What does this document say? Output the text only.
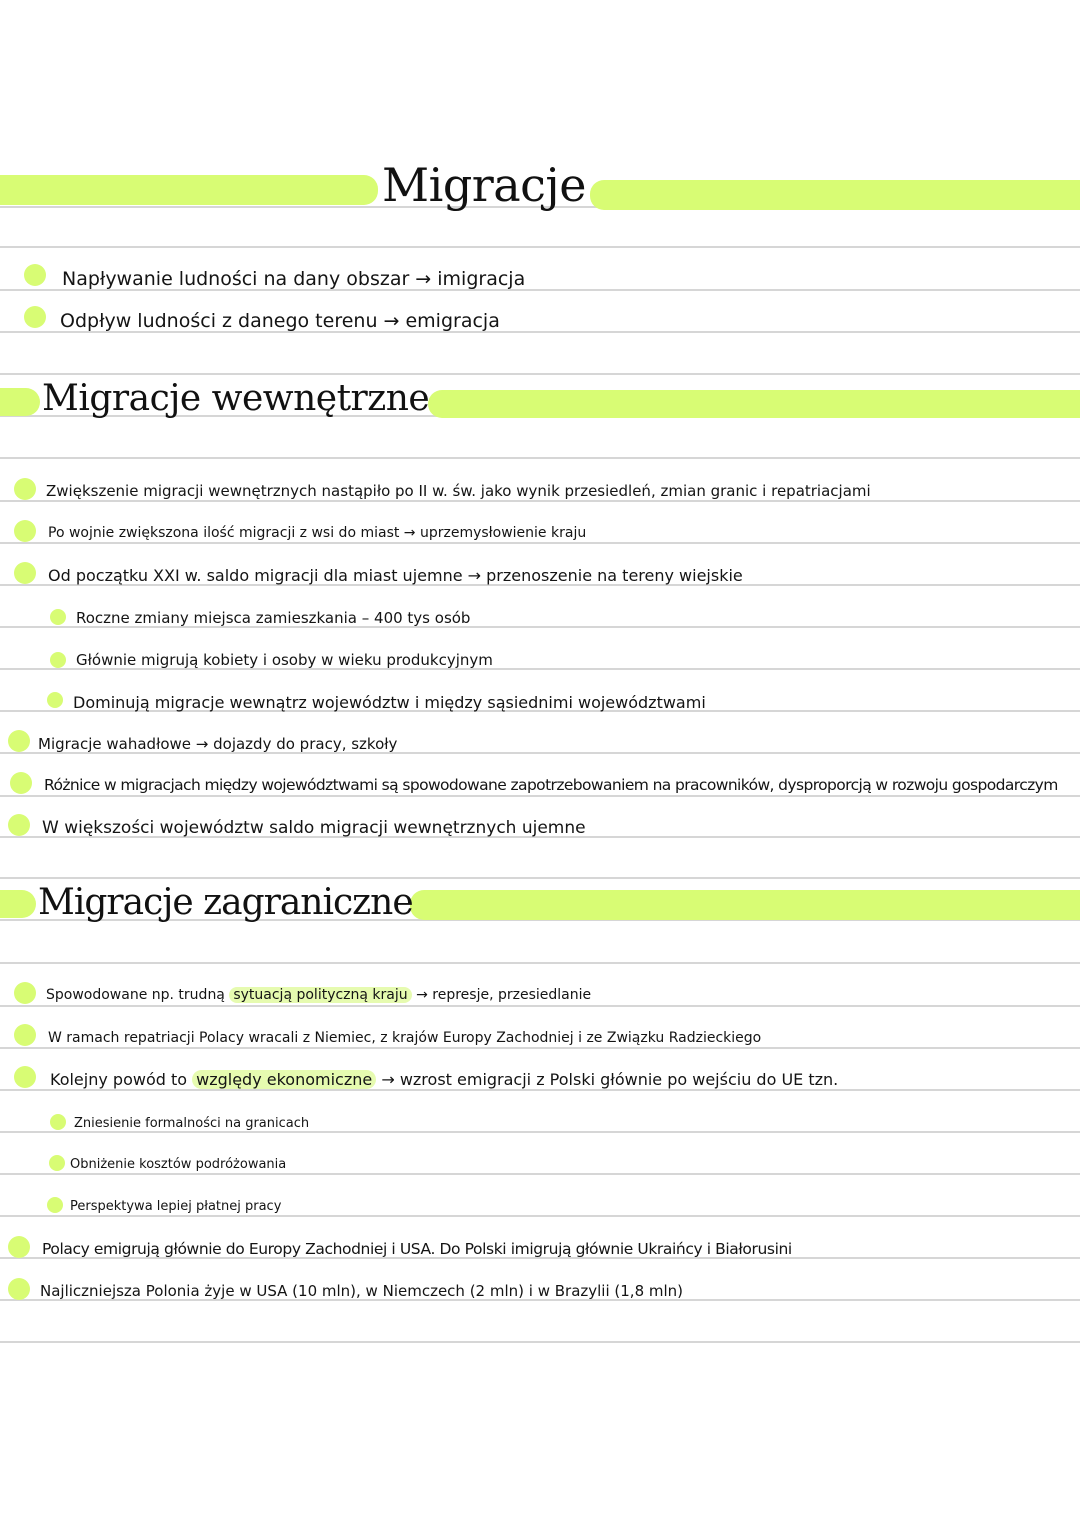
Migracje
Napływanie ludności na dany obszar → imigracja
Odpływ ludności z danego terenu → emigracja
Migracje wewnętrzne
Zwiększenie migracji wewnętrznych nastąpiło po II w. św. jako wynik przesiedleń, zmian granic i repatriacjami
Po wojnie zwiększona ilość migracji z wsi do miast → uprzemysłowienie kraju
Od początku XXI w. saldo migracji dla miast ujemne → przenoszenie na tereny wiejskie
Roczne zmiany miejsca zamieszkania – 400 tys osób
Głównie migrują kobiety i osoby w wieku produkcyjnym
Dominują migracje wewnątrz województw i między sąsiednimi województwami
Migracje wahadłowe → dojazdy do pracy, szkoły
Różnice w migracjach między województwami są spowodowane zapotrzebowaniem na pracowników, dysproporcją w rozwoju gospodarczym
W większości województw saldo migracji wewnętrznych ujemne
Migracje zagraniczne
Spowodowane np. trudną sytuacją polityczną kraju → represje, przesiedlanie
W ramach repatriacji Polacy wracali z Niemiec, z krajów Europy Zachodniej i ze Związku Radzieckiego
Kolejny powód to względy ekonomiczne → wzrost emigracji z Polski głównie po wejściu do UE tzn.
Zniesienie formalności na granicach
Obniżenie kosztów podróżowania
Perspektywa lepiej płatnej pracy
Polacy emigrują głównie do Europy Zachodniej i USA. Do Polski imigrują głównie Ukraińcy i Białorusini
Najliczniejsza Polonia żyje w USA (10 mln), w Niemczech (2 mln) i w Brazylii (1,8 mln)
